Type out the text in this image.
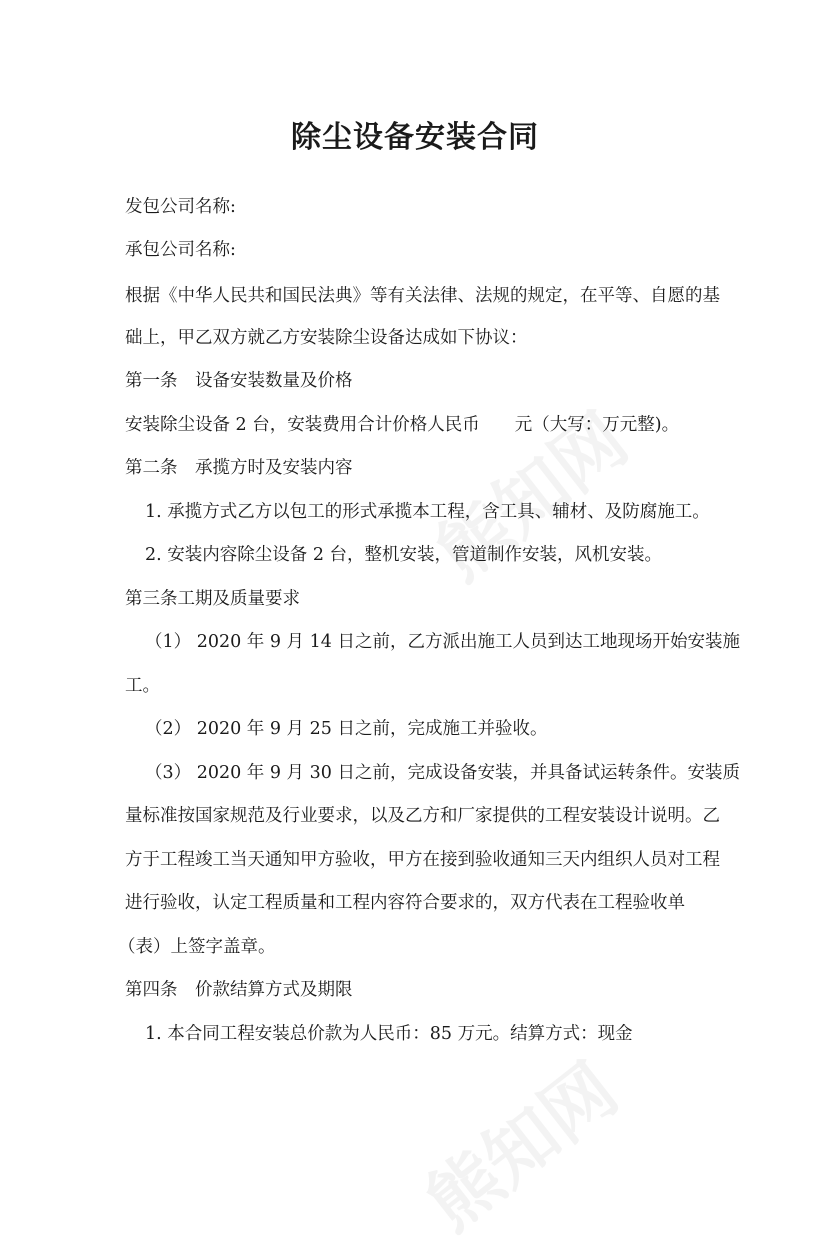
除尘设备安装合同

发包公司名称:

承包公司名称:

根据《中华人民共和国民法典》等有关法律、法规的规定，在平等、自愿的基

础上，甲乙双方就乙方安装除尘设备达成如下协议：

第一条　设备安装数量及价格

安装除尘设备 2 台，安装费用合计价格人民币　　元（大写：万元整)。

第二条　承揽方时及安装内容

1. 承揽方式乙方以包工的形式承揽本工程，含工具、辅材、及防腐施工。

2. 安装内容除尘设备 2 台，整机安装，管道制作安装，风机安装。

第三条工期及质量要求

（1） 2020 年 9 月 14 日之前，乙方派出施工人员到达工地现场开始安装施

工。

（2） 2020 年 9 月 25 日之前，完成施工并验收。

（3） 2020 年 9 月 30 日之前，完成设备安装，并具备试运转条件。安装质

量标准按国家规范及行业要求，以及乙方和厂家提供的工程安装设计说明。乙

方于工程竣工当天通知甲方验收，甲方在接到验收通知三天内组织人员对工程

进行验收，认定工程质量和工程内容符合要求的，双方代表在工程验收单

（表）上签字盖章。

第四条　价款结算方式及期限

1. 本合同工程安装总价款为人民币：85 万元。结算方式：现金
